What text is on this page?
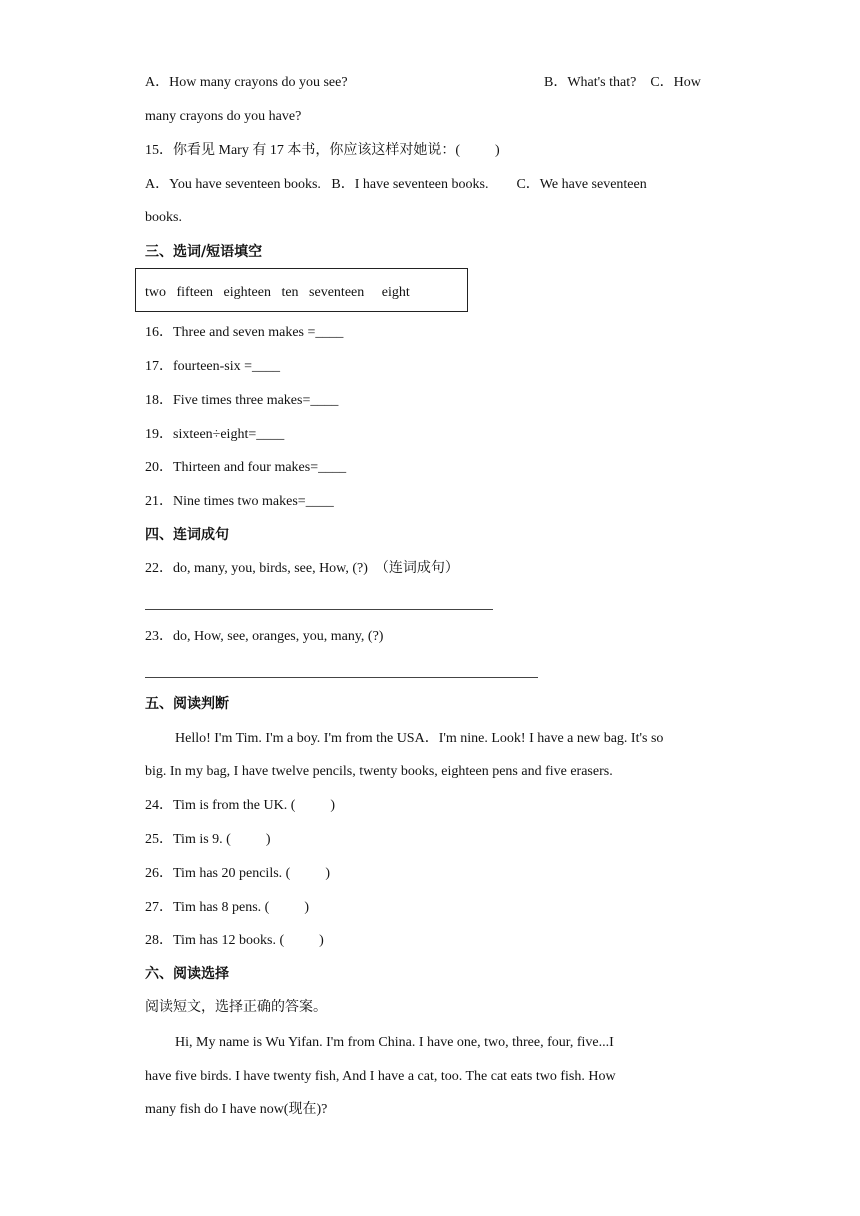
A．How many crayons do you see?	B．What's that?    C．How
many crayons do you have?
15．你看见 Mary 有 17 本书，你应该这样对她说：(          )
A．You have seventeen books.   B．I have seventeen books.        C．We have seventeen
books.
三、选词/短语填空
two   fifteen   eighteen   ten   seventeen     eight
16．Three and seven makes =____
17．fourteen-six =____
18．Five times three makes=____
19．sixteen÷eight=____
20．Thirteen and four makes=____
21．Nine times two makes=____
四、连词成句
22．do, many, you, birds, see, How, (?)  （连词成句）
23．do, How, see, oranges, you, many, (?)
五、阅读判断
Hello! I'm Tim. I'm a boy. I'm from the USA．I'm nine. Look! I have a new bag. It's so
big. In my bag, I have twelve pencils, twenty books, eighteen pens and five erasers.
24．Tim is from the UK. (          )
25．Tim is 9. (          )
26．Tim has 20 pencils. (          )
27．Tim has 8 pens. (          )
28．Tim has 12 books. (          )
六、阅读选择
阅读短文，选择正确的答案。
Hi, My name is Wu Yifan. I'm from China. I have one, two, three, four, five...I
have five birds. I have twenty fish, And I have a cat, too. The cat eats two fish. How
many fish do I have now(现在)?
